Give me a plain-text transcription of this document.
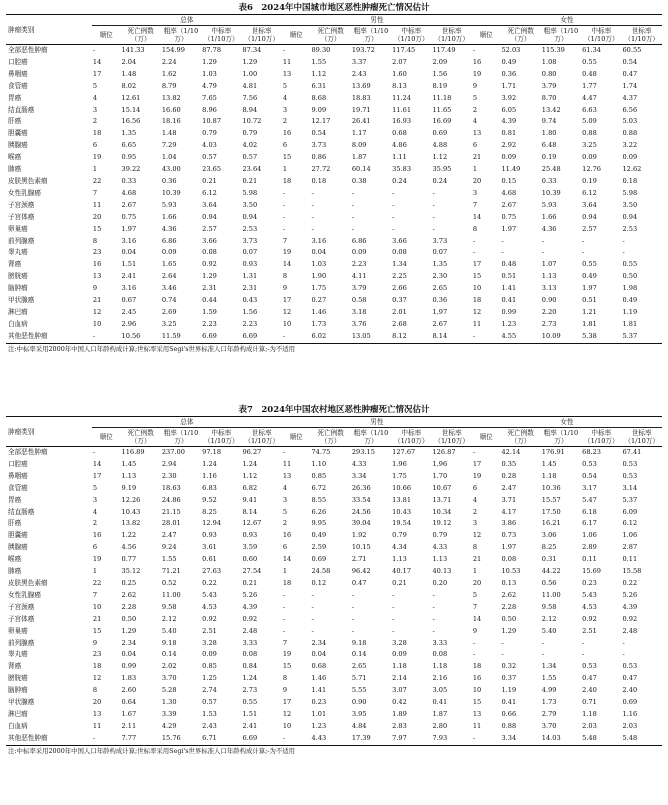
表6　2024年中国城市地区恶性肿瘤死亡情况估计
肿瘤类别	总体					男性					女性				
	顺位	死亡例数（万）	粗率（1/10万）	中标率（1/10万）	世标率（1/10万）	顺位	死亡例数（万）	粗率（1/10万）	中标率（1/10万）	世标率（1/10万）	顺位	死亡例数（万）	粗率（1/10万）	中标率（1/10万）	世标率（1/10万）
全部恶性肿瘤	-	141.33	154.99	87.78	87.34	-	89.30	193.72	117.45	117.49	-	52.03	115.39	61.34	60.55
口腔癌	14	2.04	2.24	1.29	1.29	11	1.55	3.37	2.07	2.09	16	0.49	1.08	0.55	0.54
鼻咽癌	17	1.48	1.62	1.03	1.00	13	1.12	2.43	1.60	1.56	19	0.36	0.80	0.48	0.47
食管癌	5	8.02	8.79	4.79	4.81	5	6.31	13.69	8.13	8.19	9	1.71	3.79	1.77	1.74
胃癌	4	12.61	13.82	7.65	7.56	4	8.68	18.83	11.24	11.18	5	3.92	8.70	4.47	4.37
结直肠癌	3	15.14	16.60	8.96	8.94	3	9.09	19.71	11.61	11.65	2	6.05	13.42	6.63	6.56
肝癌	2	16.56	18.16	10.87	10.72	2	12.17	26.41	16.93	16.69	4	4.39	9.74	5.09	5.03
胆囊癌	18	1.35	1.48	0.79	0.79	16	0.54	1.17	0.68	0.69	13	0.81	1.80	0.88	0.88
胰腺癌	6	6.65	7.29	4.03	4.02	6	3.73	8.09	4.86	4.88	6	2.92	6.48	3.25	3.22
喉癌	19	0.95	1.04	0.57	0.57	15	0.86	1.87	1.11	1.12	21	0.09	0.19	0.09	0.09
肺癌	1	39.22	43.00	23.65	23.64	1	27.72	60.14	35.83	35.95	1	11.49	25.48	12.76	12.62
皮肤黑色素瘤	22	0.33	0.36	0.21	0.21	18	0.18	0.38	0.24	0.24	20	0.15	0.33	0.19	0.18
女性乳腺癌	7	4.68	10.39	6.12	5.98	-	-	-	-	-	3	4.68	10.39	6.12	5.98
子宫颈癌	11	2.67	5.93	3.64	3.50	-	-	-	-	-	7	2.67	5.93	3.64	3.50
子宫体癌	20	0.75	1.66	0.94	0.94	-	-	-	-	-	14	0.75	1.66	0.94	0.94
卵巢癌	15	1.97	4.36	2.57	2.53	-	-	-	-	-	8	1.97	4.36	2.57	2.53
前列腺癌	8	3.16	6.86	3.66	3.73	7	3.16	6.86	3.66	3.73	-	-	-	-	-
睾丸癌	23	0.04	0.09	0.08	0.07	19	0.04	0.09	0.08	0.07	-	-	-	-	-
肾癌	16	1.51	1.65	0.92	0.93	14	1.03	2.23	1.34	1.35	17	0.48	1.07	0.55	0.55
膀胱癌	13	2.41	2.64	1.29	1.31	8	1.90	4.11	2.25	2.30	15	0.51	1.13	0.49	0.50
脑肿瘤	9	3.16	3.46	2.31	2.31	9	1.75	3.79	2.66	2.65	10	1.41	3.13	1.97	1.98
甲状腺癌	21	0.67	0.74	0.44	0.43	17	0.27	0.58	0.37	0.36	18	0.41	0.90	0.51	0.49
淋巴瘤	12	2.45	2.69	1.59	1.56	12	1.46	3.18	2.01	1.97	12	0.99	2.20	1.21	1.19
白血病	10	2.96	3.25	2.23	2.23	10	1.73	3.76	2.68	2.67	11	1.23	2.73	1.81	1.81
其他恶性肿瘤	-	10.56	11.59	6.69	6.69	-	6.02	13.05	8.12	8.14	-	4.55	10.09	5.38	5.37
注:中标率采用2000年中国人口年龄构成计算;世标率采用Segi's世界标准人口年龄构成计算;-为不适用
表7　2024年中国农村地区恶性肿瘤死亡情况估计
肿瘤类别	总体					男性					女性				
	顺位	死亡例数（万）	粗率（1/10万）	中标率（1/10万）	世标率（1/10万）	顺位	死亡例数（万）	粗率（1/10万）	中标率（1/10万）	世标率（1/10万）	顺位	死亡例数（万）	粗率（1/10万）	中标率（1/10万）	世标率（1/10万）
全部恶性肿瘤	-	116.89	237.00	97.18	96.27	-	74.75	293.15	127.67	126.87	-	42.14	176.91	68.23	67.41
口腔癌	14	1.45	2.94	1.24	1.24	11	1.10	4.33	1.96	1.96	17	0.35	1.45	0.53	0.53
鼻咽癌	17	1.13	2.30	1.16	1.12	13	0.85	3.34	1.75	1.70	19	0.28	1.18	0.54	0.53
食管癌	5	9.19	18.63	6.83	6.82	4	6.72	26.36	10.66	10.67	6	2.47	10.36	3.17	3.14
胃癌	3	12.26	24.86	9.52	9.41	3	8.55	33.54	13.81	13.71	4	3.71	15.57	5.47	5.37
结直肠癌	4	10.43	21.15	8.25	8.14	5	6.26	24.56	10.43	10.34	2	4.17	17.50	6.18	6.09
肝癌	2	13.82	28.01	12.94	12.67	2	9.95	39.04	19.54	19.12	3	3.86	16.21	6.17	6.12
胆囊癌	16	1.22	2.47	0.93	0.93	16	0.49	1.92	0.79	0.79	12	0.73	3.06	1.06	1.06
胰腺癌	6	4.56	9.24	3.61	3.59	6	2.59	10.15	4.34	4.33	8	1.97	8.25	2.89	2.87
喉癌	19	0.77	1.55	0.61	0.60	14	0.69	2.71	1.13	1.13	21	0.08	0.31	0.11	0.11
肺癌	1	35.12	71.21	27.63	27.54	1	24.58	96.42	40.17	40.13	1	10.53	44.22	15.69	15.58
皮肤黑色素瘤	22	0.25	0.52	0.22	0.21	18	0.12	0.47	0.21	0.20	20	0.13	0.56	0.23	0.22
女性乳腺癌	7	2.62	11.00	5.43	5.26	-	-	-	-	-	5	2.62	11.00	5.43	5.26
子宫颈癌	10	2.28	9.58	4.53	4.39	-	-	-	-	-	7	2.28	9.58	4.53	4.39
子宫体癌	21	0.50	2.12	0.92	0.92	-	-	-	-	-	14	0.50	2.12	0.92	0.92
卵巢癌	15	1.29	5.40	2.51	2.48	-	-	-	-	-	9	1.29	5.40	2.51	2.48
前列腺癌	9	2.34	9.18	3.28	3.33	7	2.34	9.18	3.28	3.33	-	-	-	-	-
睾丸癌	23	0.04	0.14	0.09	0.08	19	0.04	0.14	0.09	0.08	-	-	-	-	-
肾癌	18	0.99	2.02	0.85	0.84	15	0.68	2.65	1.18	1.18	18	0.32	1.34	0.53	0.53
膀胱癌	12	1.83	3.70	1.25	1.24	8	1.46	5.71	2.14	2.16	16	0.37	1.55	0.47	0.47
脑肿瘤	8	2.60	5.28	2.74	2.73	9	1.41	5.55	3.07	3.05	10	1.19	4.99	2.40	2.40
甲状腺癌	20	0.64	1.30	0.57	0.55	17	0.23	0.90	0.42	0.41	15	0.41	1.73	0.71	0.69
淋巴瘤	13	1.67	3.39	1.53	1.51	12	1.01	3.95	1.89	1.87	13	0.66	2.79	1.18	1.16
白血病	11	2.11	4.29	2.43	2.41	10	1.23	4.84	2.83	2.80	11	0.88	3.70	2.03	2.03
其他恶性肿瘤	-	7.77	15.76	6.71	6.69	-	4.43	17.39	7.97	7.93	-	3.34	14.03	5.48	5.48
注:中标率采用2000年中国人口年龄构成计算;世标率采用Segi's世界标准人口年龄构成计算;-为不适用
